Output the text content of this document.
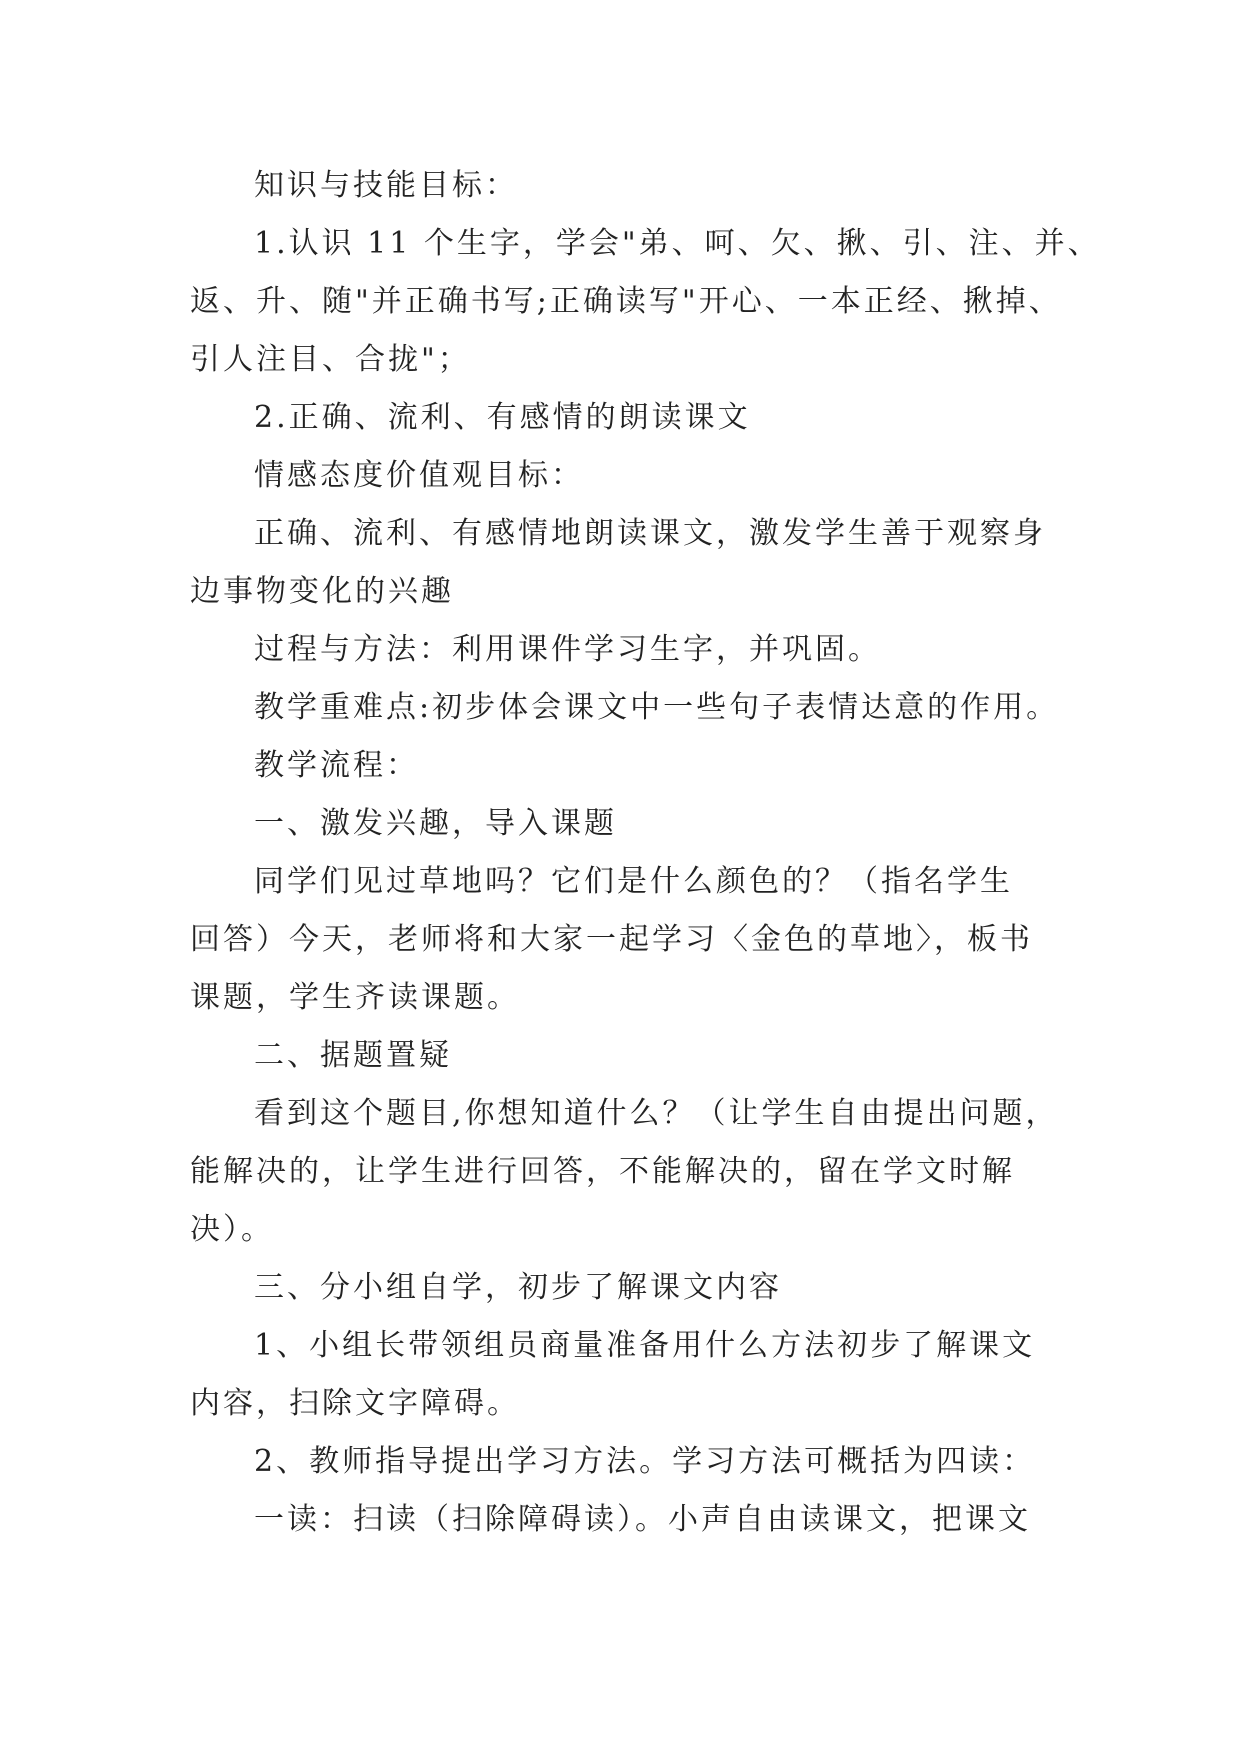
知识与技能目标：
1.认识 11 个生字，学会"弟、呵、欠、揪、引、注、并、
返、升、随"并正确书写;正确读写"开心、一本正经、揪掉、
引人注目、合拢"；
2.正确、流利、有感情的朗读课文
情感态度价值观目标：
正确、流利、有感情地朗读课文，激发学生善于观察身
边事物变化的兴趣
过程与方法：利用课件学习生字，并巩固。
教学重难点:初步体会课文中一些句子表情达意的作用。
教学流程：
一、激发兴趣，导入课题
同学们见过草地吗？它们是什么颜色的？（指名学生
回答）今天，老师将和大家一起学习〈金色的草地〉，板书
课题，学生齐读课题。
二、据题置疑
看到这个题目,你想知道什么？（让学生自由提出问题，
能解决的，让学生进行回答，不能解决的，留在学文时解
决）。
三、分小组自学，初步了解课文内容
1、小组长带领组员商量准备用什么方法初步了解课文
内容，扫除文字障碍。
2、教师指导提出学习方法。学习方法可概括为四读：
一读：扫读（扫除障碍读）。小声自由读课文，把课文
